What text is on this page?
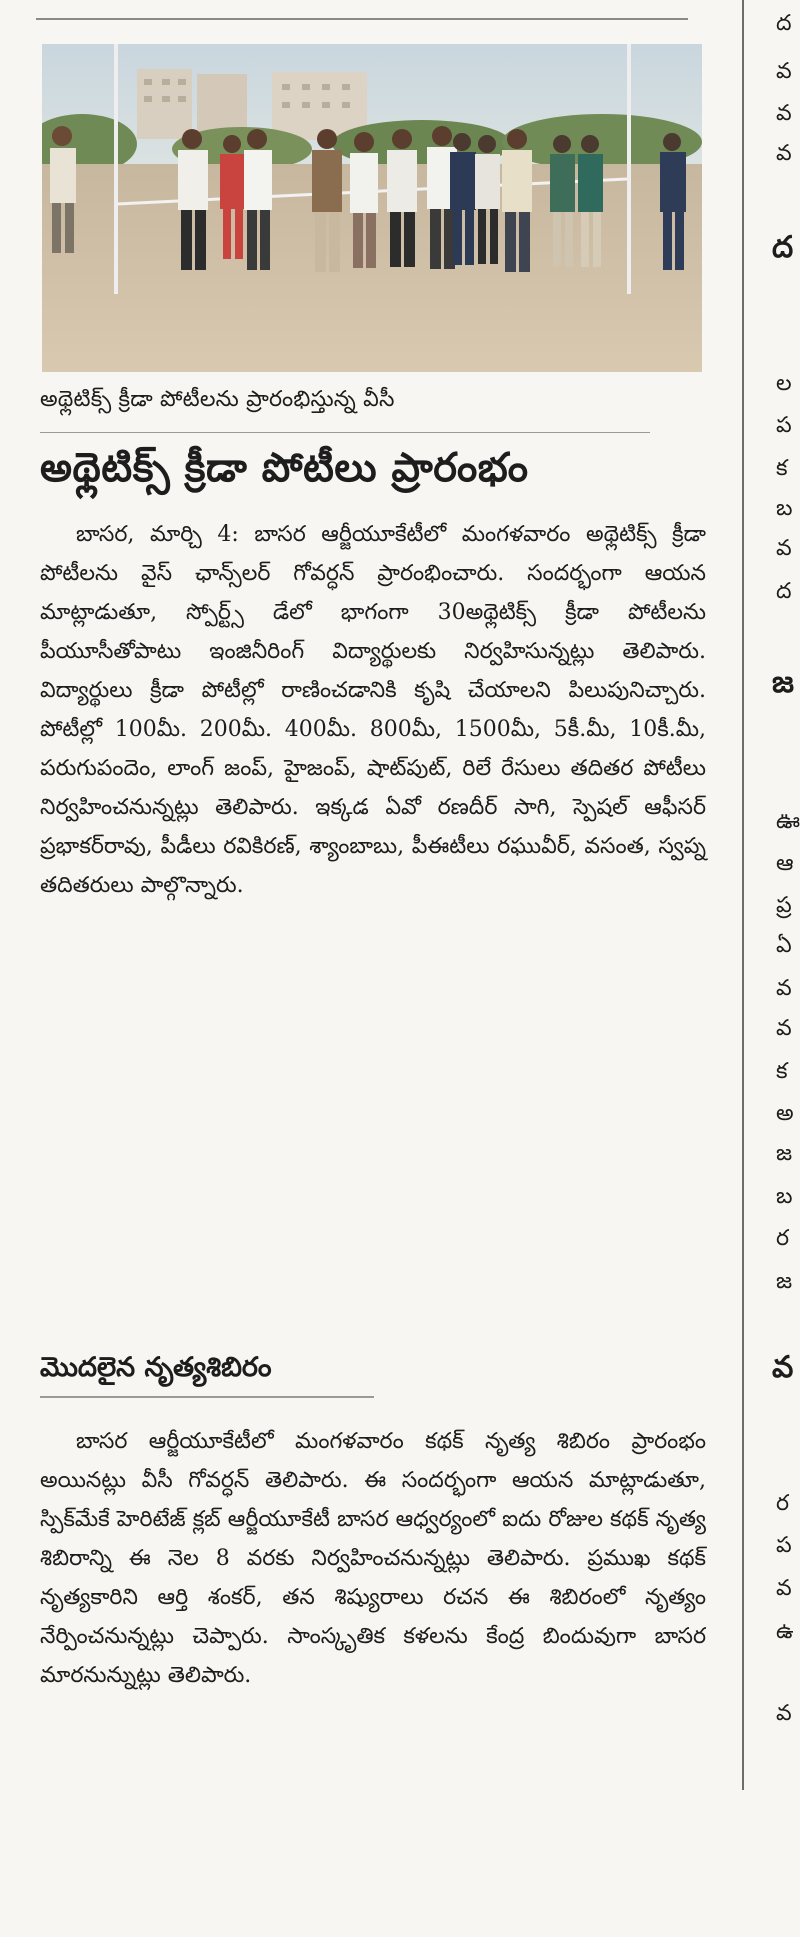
అథ్లెటిక్స్ క్రీడా పోటీలను ప్రారంభిస్తున్న వీసీ
అథ్లెటిక్స్ క్రీడా పోటీలు ప్రారంభం

బాసర, మార్చి 4: బాసర ఆర్జీయూకేటీలో మంగళవారం అథ్లెటిక్స్ క్రీడా పోటీలను వైస్ ఛాన్స్‌లర్ గోవర్ధన్ ప్రారంభించారు. సందర్భంగా ఆయన మాట్లాడుతూ, స్పోర్ట్స్ డేలో భాగంగా 30అథ్లెటిక్స్ క్రీడా పోటీలను పీయూసీతోపాటు ఇంజినీరింగ్ విద్యార్థులకు నిర్వహిసున్నట్లు తెలిపారు. విద్యార్థులు క్రీడా పోటీల్లో రాణించడానికి కృషి చేయాలని పిలుపునిచ్చారు. పోటీల్లో 100మీ. 200మీ. 400మీ. 800మీ, 1500మీ, 5కీ.మీ, 10కీ.మీ, పరుగుపందెం, లాంగ్ జంప్, హైజంప్, షాట్‌పుట్, రిలే రేసులు తదితర పోటీలు నిర్వహించనున్నట్లు తెలిపారు. ఇక్కడ ఏవో రణదీర్ సాగి, స్పెషల్ ఆఫీసర్ ప్రభాకర్‌రావు, పీడీలు రవికిరణ్, శ్యాంబాబు, పీఈటీలు రఘువీర్, వసంత, స్వప్న తదితరులు పాల్గొన్నారు.

మొదలైన నృత్యశిబిరం

బాసర ఆర్జీయూకేటీలో మంగళవారం కథక్ నృత్య శిబిరం ప్రారంభం అయినట్లు వీసీ గోవర్ధన్ తెలిపారు. ఈ సందర్భంగా ఆయన మాట్లాడుతూ, స్పిక్‌మేకే హెరిటేజ్ క్లబ్ ఆర్జీయూకేటీ బాసర ఆధ్వర్యంలో ఐదు రోజుల కథక్ నృత్య శిబిరాన్ని ఈ నెల 8 వరకు నిర్వహించనున్నట్లు తెలిపారు. ప్రముఖ కథక్ నృత్యకారిని ఆర్తి శంకర్, తన శిష్యురాలు రచన ఈ శిబిరంలో నృత్యం నేర్పించనున్నట్లు చెప్పారు. సాంస్కృతిక కళలను కేంద్ర బిందువుగా బాసర మారనున్నుట్లు తెలిపారు.

ద
వ
వ
వ
ద
ల
ప
క
బ
వ
ద
జ
ఊ
ఆ
ప్ర
ఏ
వ
వ
క
అ
జ
బ
ర
జ
వ
ర
ప
వ
ఉ
వ
